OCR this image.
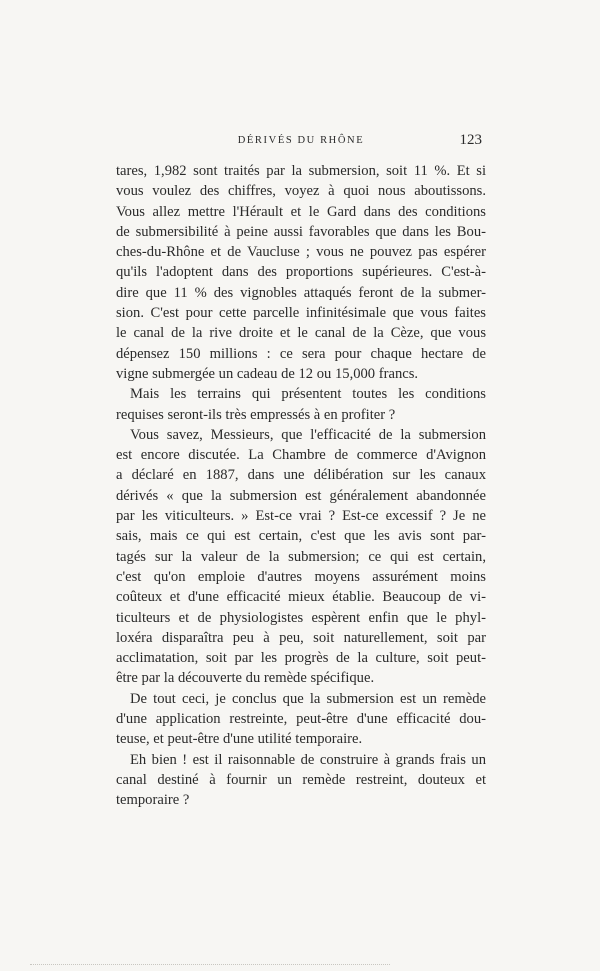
DÉRIVÉS DU RHÔNE	123

tares, 1,982 sont traités par la submersion, soit 11 %. Et si
vous voulez des chiffres, voyez à quoi nous aboutissons.
Vous allez mettre l'Hérault et le Gard dans des conditions
de submersibilité à peine aussi favorables que dans les Bou-
ches-du-Rhône et de Vaucluse ; vous ne pouvez pas espérer
qu'ils l'adoptent dans des proportions supérieures. C'est-à-
dire que 11 % des vignobles attaqués feront de la submer-
sion. C'est pour cette parcelle infinitésimale que vous faites
le canal de la rive droite et le canal de la Cèze, que vous
dépensez 150 millions : ce sera pour chaque hectare de
vigne submergée un cadeau de 12 ou 15,000 francs.

Mais les terrains qui présentent toutes les conditions
requises seront-ils très empressés à en profiter ?

Vous savez, Messieurs, que l'efficacité de la submersion
est encore discutée. La Chambre de commerce d'Avignon
a déclaré en 1887, dans une délibération sur les canaux
dérivés « que la submersion est généralement abandonnée
par les viticulteurs. » Est-ce vrai ? Est-ce excessif ? Je ne
sais, mais ce qui est certain, c'est que les avis sont par-
tagés sur la valeur de la submersion; ce qui est certain,
c'est qu'on emploie d'autres moyens assurément moins
coûteux et d'une efficacité mieux établie. Beaucoup de vi-
ticulteurs et de physiologistes espèrent enfin que le phyl-
loxéra disparaîtra peu à peu, soit naturellement, soit par
acclimatation, soit par les progrès de la culture, soit peut-
être par la découverte du remède spécifique.

De tout ceci, je conclus que la submersion est un remède
d'une application restreinte, peut-être d'une efficacité dou-
teuse, et peut-être d'une utilité temporaire.

Eh bien ! est il raisonnable de construire à grands frais un
canal destiné à fournir un remède restreint, douteux et
temporaire ?
